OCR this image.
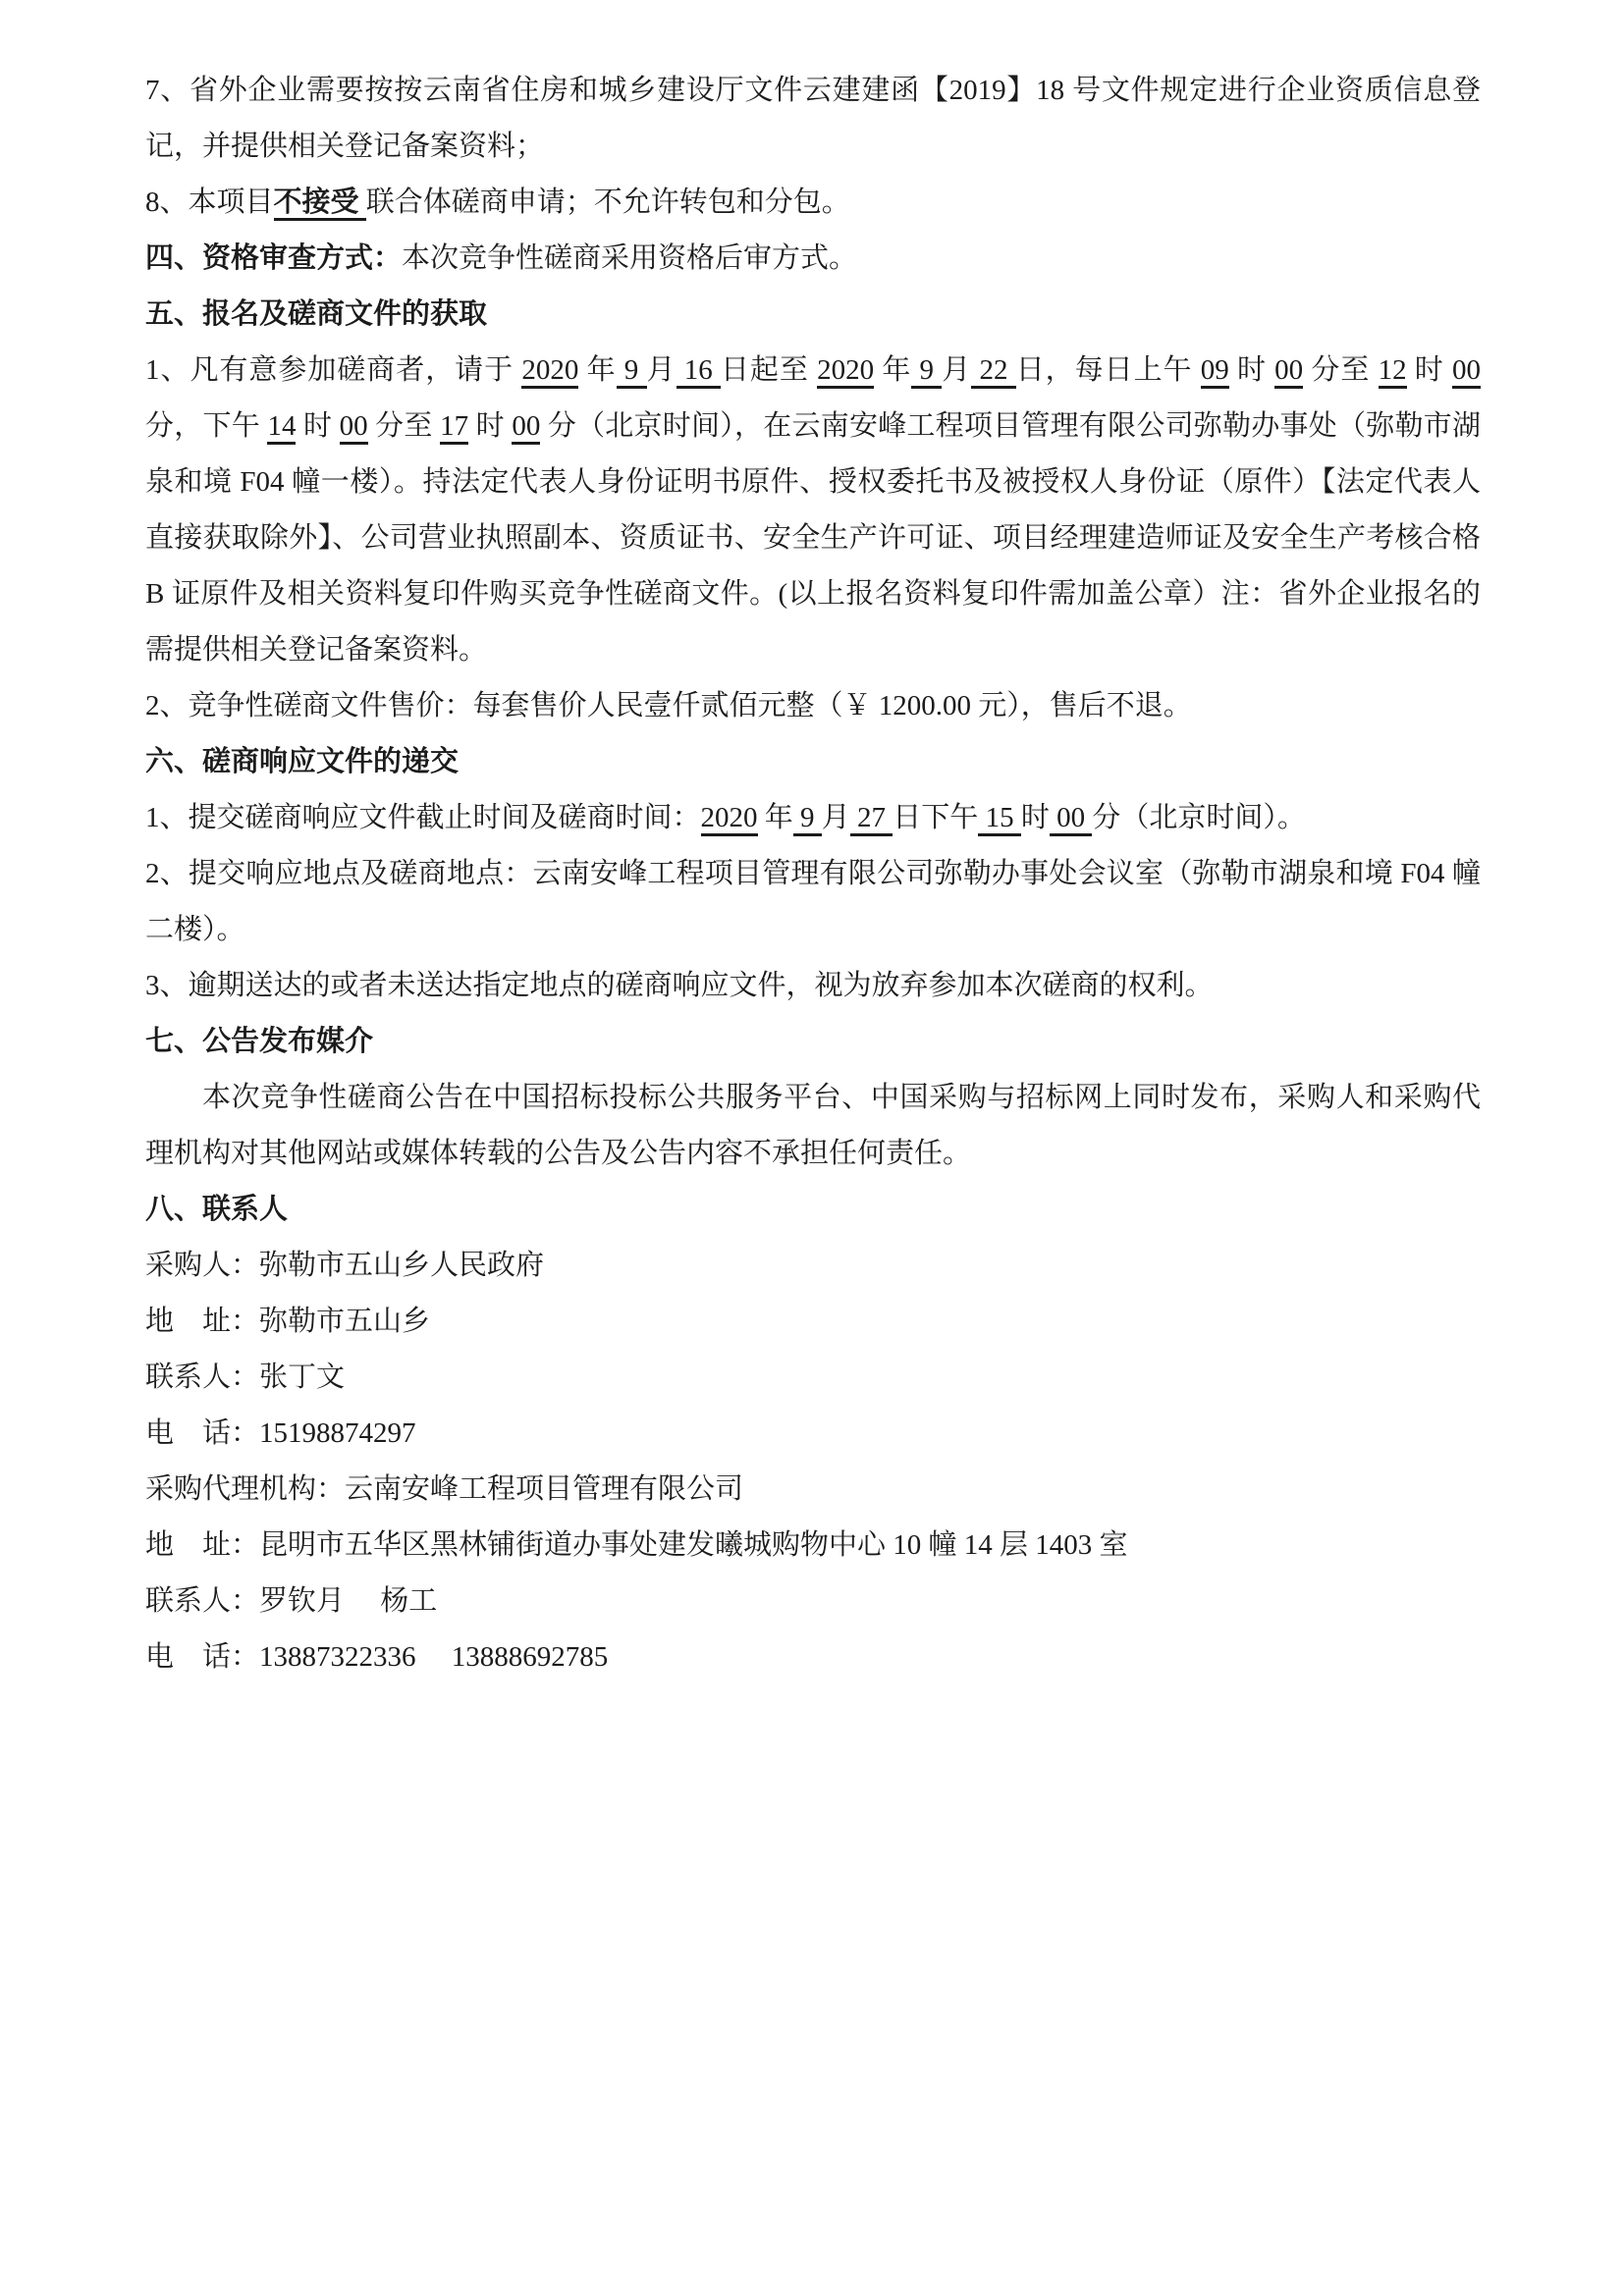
7、省外企业需要按按云南省住房和城乡建设厅文件云建建函【2019】18 号文件规定进行企业资质信息登记，并提供相关登记备案资料；

8、本项目不接受 联合体磋商申请；不允许转包和分包。

四、资格审查方式：本次竞争性磋商采用资格后审方式。

五、报名及磋商文件的获取

1、凡有意参加磋商者，请于 2020 年 9 月 16 日起至 2020 年 9 月 22 日，每日上午 09 时 00 分至 12 时 00 分，下午 14 时 00 分至 17 时 00 分（北京时间），在云南安峰工程项目管理有限公司弥勒办事处（弥勒市湖泉和境 F04 幢一楼）。持法定代表人身份证明书原件、授权委托书及被授权人身份证（原件）【法定代表人直接获取除外】、公司营业执照副本、资质证书、安全生产许可证、项目经理建造师证及安全生产考核合格 B 证原件及相关资料复印件购买竞争性磋商文件。(以上报名资料复印件需加盖公章）注：省外企业报名的需提供相关登记备案资料。

2、竞争性磋商文件售价：每套售价人民壹仟贰佰元整（￥ 1200.00 元），售后不退。

六、磋商响应文件的递交

1、提交磋商响应文件截止时间及磋商时间：2020 年 9 月 27 日下午 15 时 00 分（北京时间）。

2、提交响应地点及磋商地点：云南安峰工程项目管理有限公司弥勒办事处会议室（弥勒市湖泉和境 F04 幢二楼）。

3、逾期送达的或者未送达指定地点的磋商响应文件，视为放弃参加本次磋商的权利。

七、公告发布媒介

本次竞争性磋商公告在中国招标投标公共服务平台、中国采购与招标网上同时发布，采购人和采购代理机构对其他网站或媒体转载的公告及公告内容不承担任何责任。

八、联系人

采购人：弥勒市五山乡人民政府

地　址：弥勒市五山乡

联系人：张丁文

电　话：15198874297

采购代理机构：云南安峰工程项目管理有限公司

地　址：昆明市五华区黑林铺街道办事处建发曦城购物中心 10 幢 14 层 1403 室

联系人：罗钦月　 杨工

电　话：13887322336　 13888692785
